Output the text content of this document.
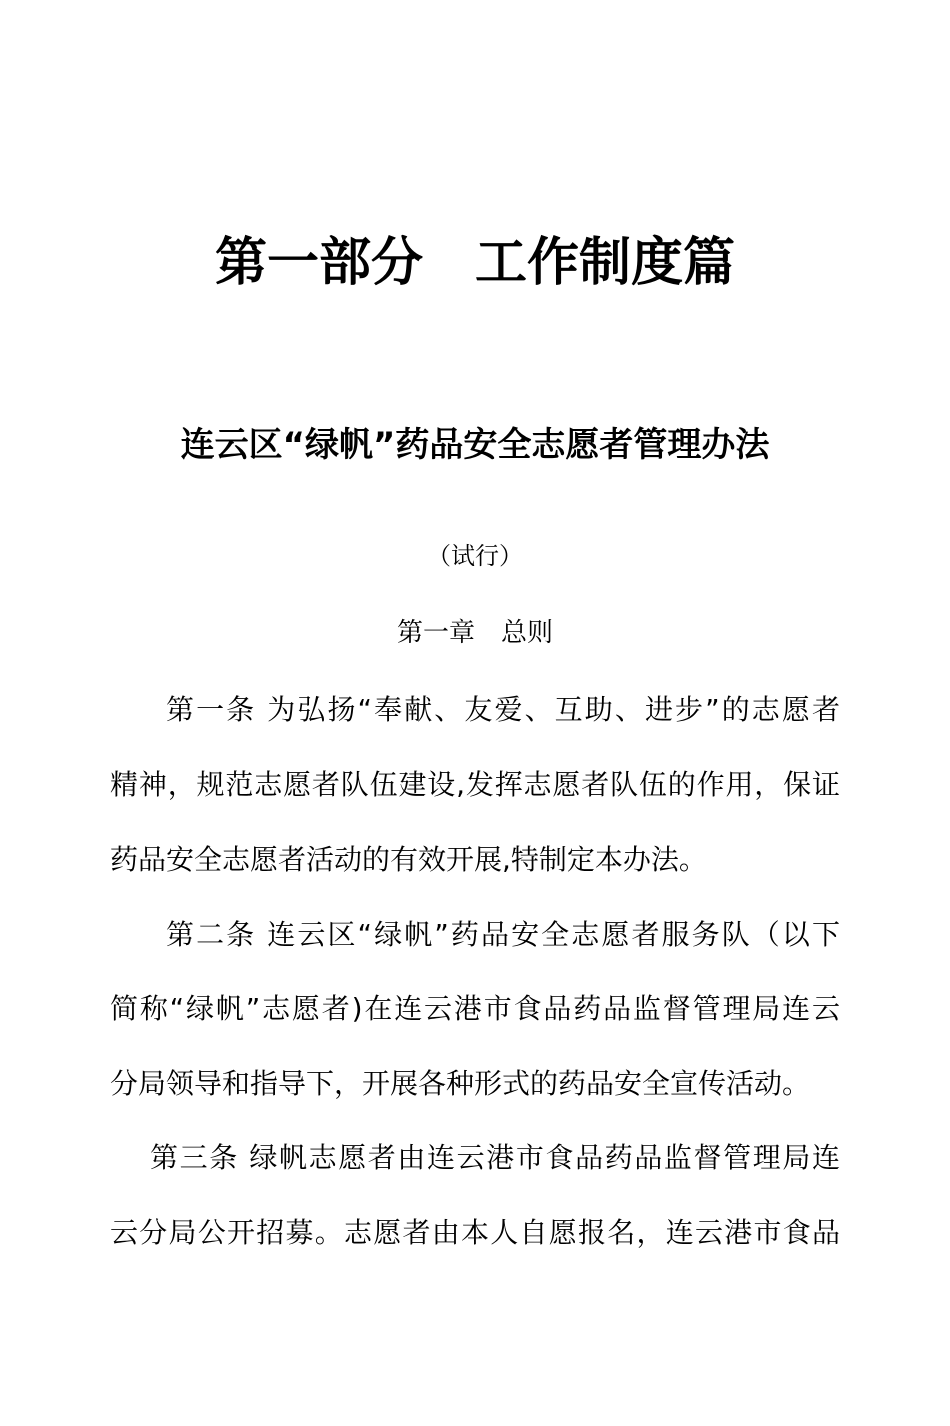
第一部分　工作制度篇
连云区“绿帆”药品安全志愿者管理办法
（试行）
第一章　总则
第一条 为弘扬“奉献、友爱、互助、进步”的志愿者
精神，规范志愿者队伍建设,发挥志愿者队伍的作用，保证
药品安全志愿者活动的有效开展,特制定本办法。
第二条 连云区“绿帆”药品安全志愿者服务队（以下
简称“绿帆”志愿者)在连云港市食品药品监督管理局连云
分局领导和指导下，开展各种形式的药品安全宣传活动。
第三条 绿帆志愿者由连云港市食品药品监督管理局连
云分局公开招募。志愿者由本人自愿报名，连云港市食品
